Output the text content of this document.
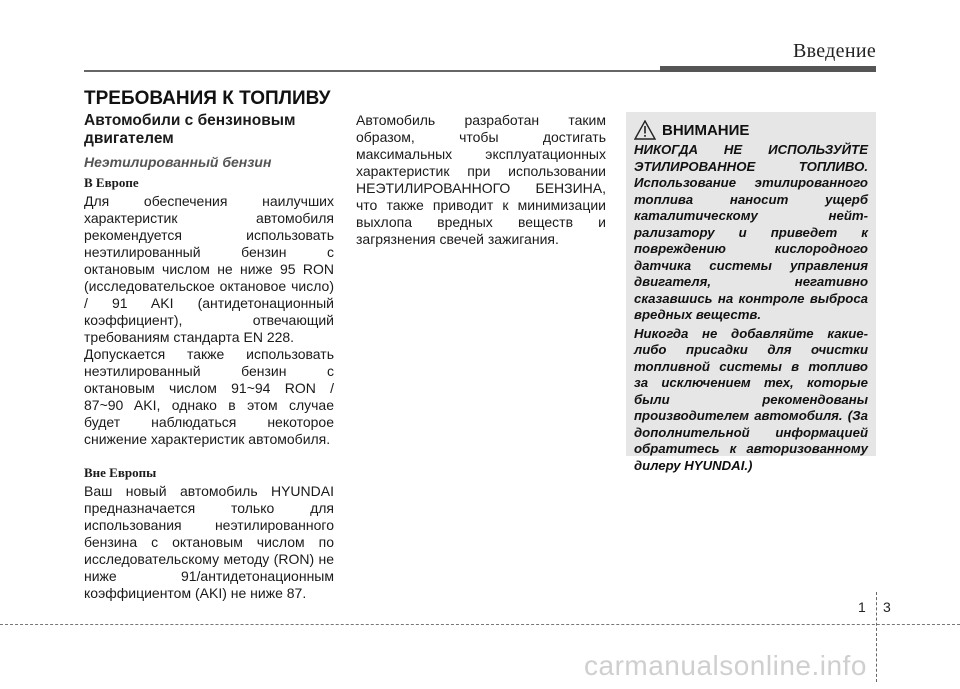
Введение
ТРЕБОВАНИЯ К ТОПЛИВУ
Автомобили с бензиновым двигателем
Неэтилированный бензин
В Европе

Для обеспечения наилучших характеристик автомобиля рекомендуется использовать неэтилированный бензин с октановым числом не ниже 95 RON (исследовательское октановое число) / 91 AKI (антидетонационный коэффициент), отвечающий требованиям стандарта EN 228.

Допускается также использовать неэтилированный бензин с октановым числом 91~94 RON / 87~90 AKI, однако в этом случае будет наблюдаться некоторое снижение характеристик автомобиля.

Вне Европы

Ваш новый автомобиль HYUNDAI предназначается только для использования неэтилированного бензина с октановым числом по исследовательскому методу (RON) не ниже 91/антидетонационным коэффициентом (AKI) не ниже 87.

Автомобиль разработан таким образом, чтобы достигать максимальных эксплуатационных характеристик при использовании НЕЭТИЛИРОВАННОГО БЕНЗИНА, что также приводит к минимизации выхлопа вредных веществ и загрязнения свечей зажигания.

ВНИМАНИЕ

НИКОГДА НЕ ИСПОЛЬЗУЙТЕ ЭТИЛИРОВАННОЕ ТОПЛИВО. Использование этилированного топлива наносит ущерб каталитическому нейт-рализатору и приведет к повреждению кислородного датчика системы управления двигателя, негативно сказавшись на контроле выброса вредных веществ.

Никогда не добавляйте какие-либо присадки для очистки топливной системы в топливо за исключением тех, которые были рекомендованы производителем автомобиля. (За дополнительной информацией обратитесь к авторизованному дилеру HYUNDAI.)

1 3
carmanualsonline.info
